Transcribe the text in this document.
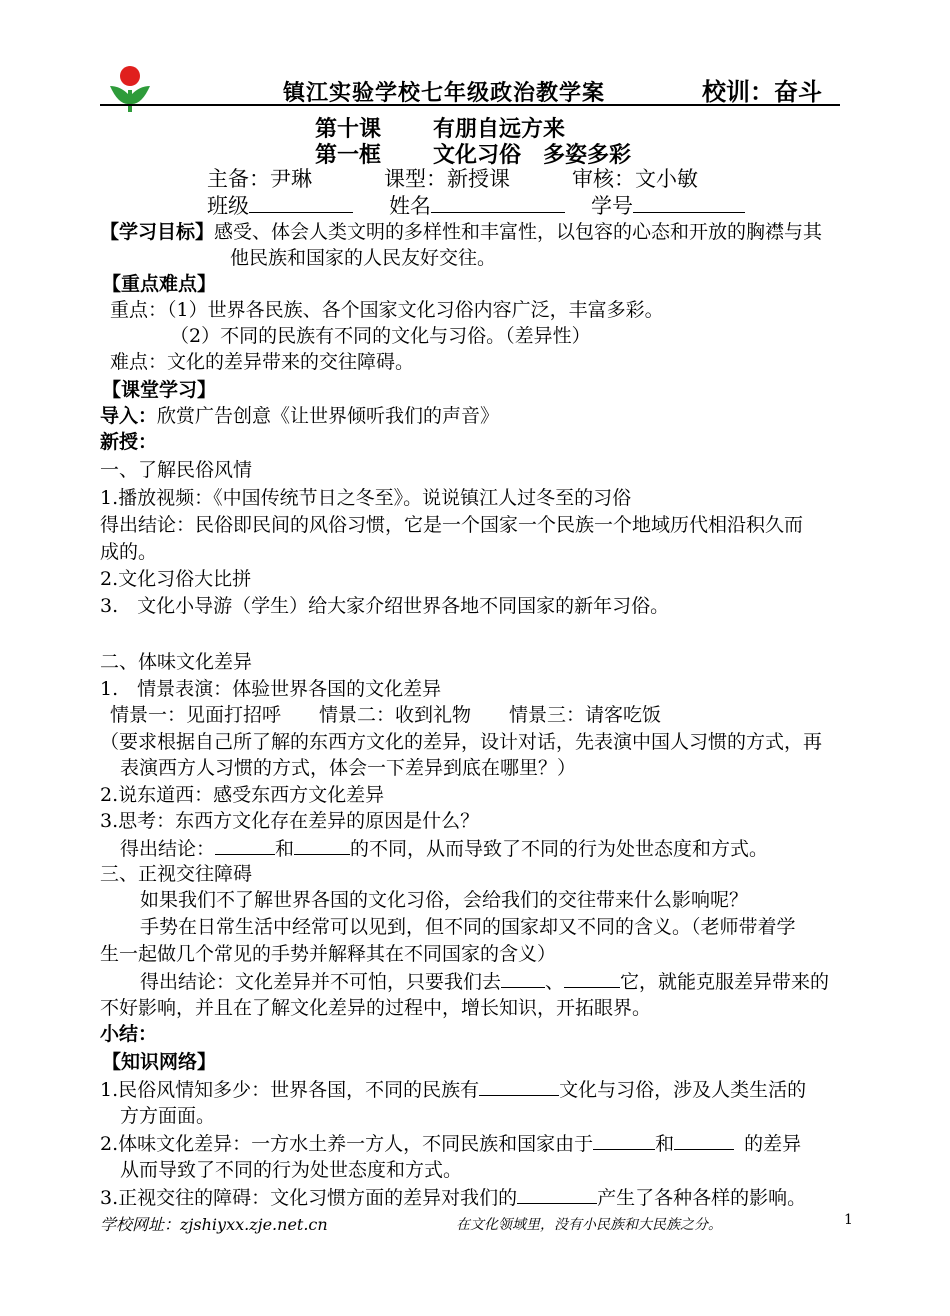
镇江实验学校七年级政治教学案	校训：奋斗
第十课 有朋自远方来
第一框 文化习俗　多姿多彩
主备：尹琳	课型：新授课	审核：文小敏
班级	姓名	学号
【学习目标】感受、体会人类文明的多样性和丰富性，以包容的心态和开放的胸襟与其
他民族和国家的人民友好交往。
【重点难点】
重点：（1）世界各民族、各个国家文化习俗内容广泛，丰富多彩。
（2）不同的民族有不同的文化与习俗。（差异性）
难点：文化的差异带来的交往障碍。
【课堂学习】
导入：欣赏广告创意《让世界倾听我们的声音》
新授：
一、了解民俗风情
1.播放视频：《中国传统节日之冬至》。说说镇江人过冬至的习俗
得出结论：民俗即民间的风俗习惯，它是一个国家一个民族一个地域历代相沿积久而
成的。
2.文化习俗大比拼
3.　文化小导游（学生）给大家介绍世界各地不同国家的新年习俗。
二、体味文化差异
1.　情景表演：体验世界各国的文化差异
情景一：见面打招呼　　情景二：收到礼物　　情景三：请客吃饭
（要求根据自己所了解的东西方文化的差异，设计对话，先表演中国人习惯的方式，再
表演西方人习惯的方式，体会一下差异到底在哪里？）
2.说东道西：感受东西方文化差异
3.思考：东西方文化存在差异的原因是什么？
得出结论：	和	的不同，从而导致了不同的行为处世态度和方式。
三、正视交往障碍
如果我们不了解世界各国的文化习俗，会给我们的交往带来什么影响呢？
手势在日常生活中经常可以见到，但不同的国家却又不同的含义。（老师带着学
生一起做几个常见的手势并解释其在不同国家的含义）
得出结论：文化差异并不可怕，只要我们去 、	它，就能克服差异带来的
不好影响，并且在了解文化差异的过程中，增长知识，开拓眼界。
小结：
【知识网络】
1.民俗风情知多少：世界各国，不同的民族有	文化与习俗，涉及人类生活的
方方面面。
2.体味文化差异：一方水土养一方人，不同民族和国家由于	和	的差异
从而导致了不同的行为处世态度和方式。
3.正视交往的障碍：文化习惯方面的差异对我们的	产生了各种各样的影响。
学校网址：zjshiyxx.zje.net.cn	在文化领域里，没有小民族和大民族之分。	1
